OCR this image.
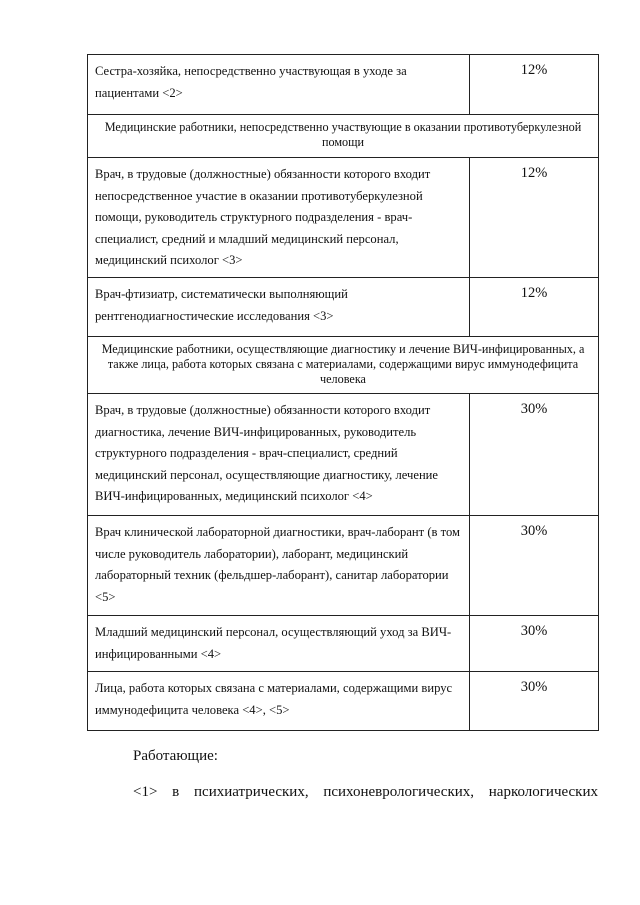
Сестра-хозяйка, непосредственно участвующая в уходе за пациентами <2>	12%

Медицинские работники, непосредственно участвующие в оказании противотуберкулезной помощи	

Врач, в трудовые (должностные) обязанности которого входит непосредственное участие в оказании противотуберкулезной помощи, руководитель структурного подразделения - врач-специалист, средний и младший медицинский персонал, медицинский психолог <3>	12%

Врач-фтизиатр, систематически выполняющий рентгенодиагностические исследования <3>	12%

Медицинские работники, осуществляющие диагностику и лечение ВИЧ-инфицированных, а также лица, работа которых связана с материалами, содержащими вирус иммунодефицита человека	

Врач, в трудовые (должностные) обязанности которого входит диагностика, лечение ВИЧ-инфицированных, руководитель структурного подразделения - врач-специалист, средний медицинский персонал, осуществляющие диагностику, лечение ВИЧ-инфицированных, медицинский психолог <4>	30%

Врач клинической лабораторной диагностики, врач-лаборант (в том числе руководитель лаборатории), лаборант, медицинский лабораторный техник (фельдшер-лаборант), санитар лаборатории <5>	30%

Младший медицинский персонал, осуществляющий уход за ВИЧ-инфицированными <4>	30%

Лица, работа которых связана с материалами, содержащими вирус иммунодефицита человека <4>, <5>	30%

Работающие:

<1> в психиатрических, психоневрологических, наркологических
